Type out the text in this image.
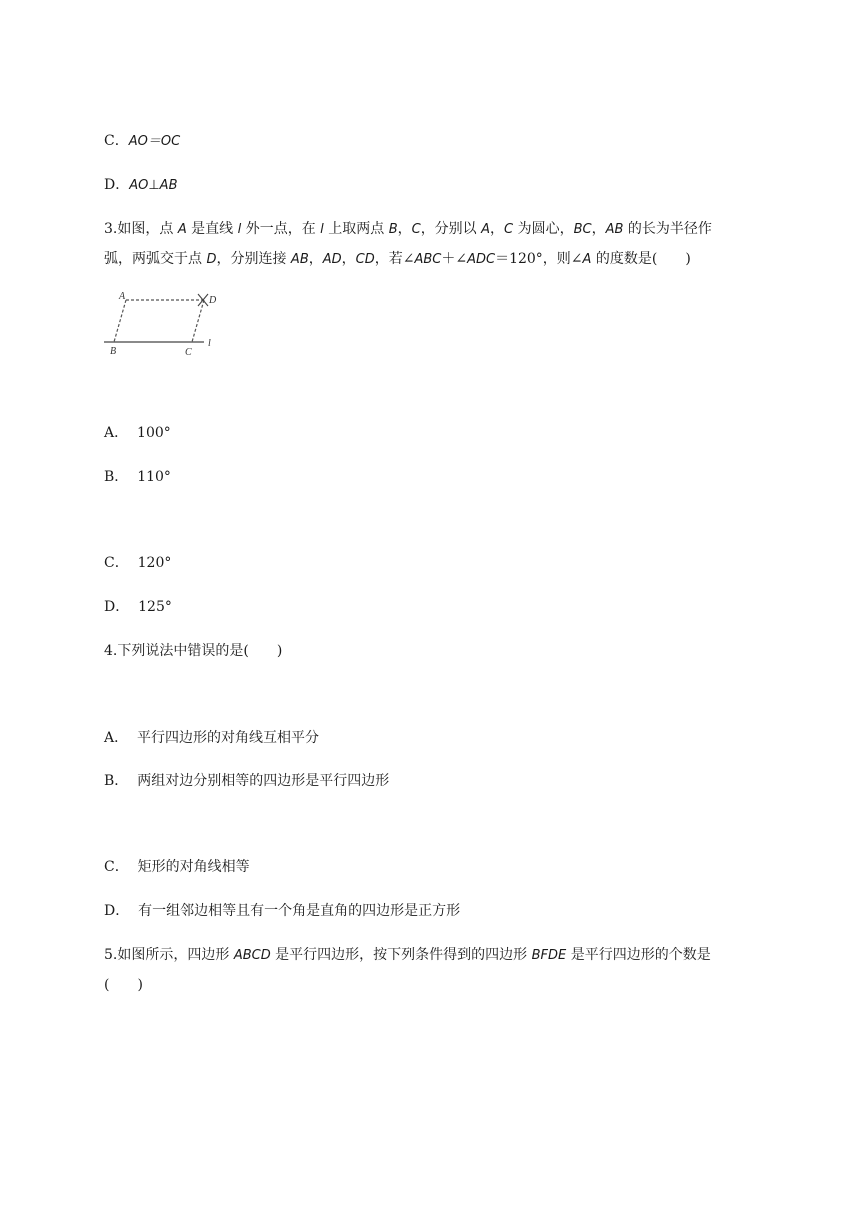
C．AO＝OC
D．AO⊥AB
3.如图，点 A 是直线 l 外一点，在 l 上取两点 B，C，分别以 A，C 为圆心，BC，AB 的长为半径作
弧，两弧交于点 D，分别连接 AB，AD，CD，若∠ABC＋∠ADC＝120°，则∠A 的度数是(　　)
A	D
B	C
l
A． 100°
B． 110°
C． 120°
D． 125°
4.下列说法中错误的是(　　)
A． 平行四边形的对角线互相平分
B． 两组对边分别相等的四边形是平行四边形
C． 矩形的对角线相等
D． 有一组邻边相等且有一个角是直角的四边形是正方形
5.如图所示，四边形 ABCD 是平行四边形，按下列条件得到的四边形 BFDE 是平行四边形的个数是
(　　)
